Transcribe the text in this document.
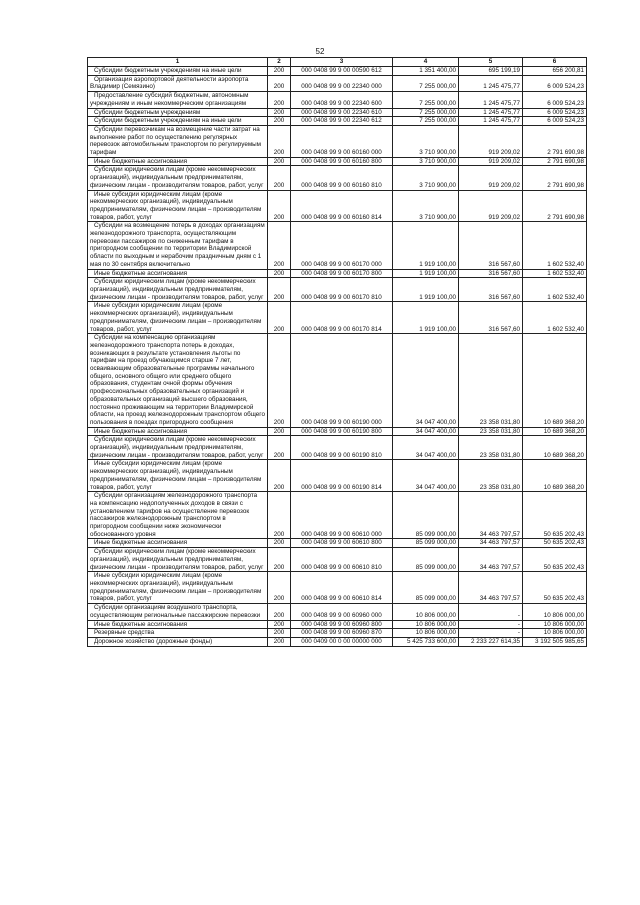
52
1	2	3	4	5	6

Субсидии бюджетным учреждениям на иные цели	200	000 0408 99 9 00 00590 612	1 351 400,00	695 199,19	656 200,81

Организация аэропортовой деятельности аэропорта Владимир (Семязино)	200	000 0408 99 9 00 22340 000	7 255 000,00	1 245 475,77	6 009 524,23

Предоставление субсидий бюджетным, автономным учреждениям и иным некоммерческим организациям	200	000 0408 99 9 00 22340 600	7 255 000,00	1 245 475,77	6 009 524,23

Субсидии бюджетным учреждениям	200	000 0408 99 9 00 22340 610	7 255 000,00	1 245 475,77	6 009 524,23

Субсидии бюджетным учреждениям на иные цели	200	000 0408 99 9 00 22340 612	7 255 000,00	1 245 475,77	6 009 524,23

Субсидии перевозчикам на возмещение части затрат на выполнение работ по осуществлению регулярных перевозок автомобильным транспортом по регулируемым тарифам	200	000 0408 99 9 00 60160 000	3 710 900,00	919 209,02	2 791 690,98

Иные бюджетные ассигнования	200	000 0408 99 9 00 60160 800	3 710 900,00	919 209,02	2 791 690,98

Субсидии юридическим лицам (кроме некоммерческих организаций), индивидуальным предпринимателям, физическим лицам - производителям товаров, работ, услуг	200	000 0408 99 9 00 60160 810	3 710 900,00	919 209,02	2 791 690,98

Иные субсидии юридическим лицам (кроме некоммерческих организаций), индивидуальным предпринимателям, физическим лицам – производителям товаров, работ, услуг	200	000 0408 99 9 00 60160 814	3 710 900,00	919 209,02	2 791 690,98

Субсидии на возмещение потерь в доходах организациям железнодорожного транспорта, осуществляющим перевозки пассажиров по сниженным тарифам в пригородном сообщении по территории Владимирской области по выходным и нерабочим праздничным дням с 1 мая по 30 сентября включительно	200	000 0408 99 9 00 60170 000	1 919 100,00	316 567,60	1 602 532,40

Иные бюджетные ассигнования	200	000 0408 99 9 00 60170 800	1 919 100,00	316 567,60	1 602 532,40

Субсидии юридическим лицам (кроме некоммерческих организаций), индивидуальным предпринимателям, физическим лицам - производителям товаров, работ, услуг	200	000 0408 99 9 00 60170 810	1 919 100,00	316 567,60	1 602 532,40

Иные субсидии юридическим лицам (кроме некоммерческих организаций), индивидуальным предпринимателям, физическим лицам – производителям товаров, работ, услуг	200	000 0408 99 9 00 60170 814	1 919 100,00	316 567,60	1 602 532,40

Субсидии на компенсацию организациям железнодорожного транспорта потерь в доходах, возникающих в результате установления льготы по тарифам на проезд обучающимся старше 7 лет, осваивающим образовательные программы начального общего, основного общего или среднего общего образования, студентам очной формы обучения профессиональных образовательных организаций и образовательных организаций высшего образования, постоянно проживающим на территории Владимирской области, на проезд железнодорожным транспортом общего пользования в поездах пригородного сообщения	200	000 0408 99 9 00 60190 000	34 047 400,00	23 358 031,80	10 689 368,20

Иные бюджетные ассигнования	200	000 0408 99 9 00 60190 800	34 047 400,00	23 358 031,80	10 689 368,20

Субсидии юридическим лицам (кроме некоммерческих организаций), индивидуальным предпринимателям, физическим лицам - производителям товаров, работ, услуг	200	000 0408 99 9 00 60190 810	34 047 400,00	23 358 031,80	10 689 368,20

Иные субсидии юридическим лицам (кроме некоммерческих организаций), индивидуальным предпринимателям, физическим лицам – производителям товаров, работ, услуг	200	000 0408 99 9 00 60190 814	34 047 400,00	23 358 031,80	10 689 368,20

Субсидии организациям железнодорожного транспорта на компенсацию недополученных доходов в связи с установлением тарифов на осуществление перевозок пассажиров железнодорожным транспортом в пригородном сообщении ниже экономически обоснованного уровня	200	000 0408 99 9 00 60610 000	85 099 000,00	34 463 797,57	50 635 202,43

Иные бюджетные ассигнования	200	000 0408 99 9 00 60610 800	85 099 000,00	34 463 797,57	50 635 202,43

Субсидии юридическим лицам (кроме некоммерческих организаций), индивидуальным предпринимателям, физическим лицам - производителям товаров, работ, услуг	200	000 0408 99 9 00 60610 810	85 099 000,00	34 463 797,57	50 635 202,43

Иные субсидии юридическим лицам (кроме некоммерческих организаций), индивидуальным предпринимателям, физическим лицам – производителям товаров, работ, услуг	200	000 0408 99 9 00 60610 814	85 099 000,00	34 463 797,57	50 635 202,43

Субсидии организациям воздушного транспорта, осуществляющим региональные пассажирские перевозки	200	000 0408 99 9 00 60960 000	10 806 000,00	-	10 806 000,00

Иные бюджетные ассигнования	200	000 0408 99 9 00 60960 800	10 806 000,00	-	10 806 000,00

Резервные средства	200	000 0408 99 9 00 60960 870	10 806 000,00	-	10 806 000,00

Дорожное хозяйство (дорожные фонды)	200	000 0409 00 0 00 00000 000	5 425 733 600,00	2 233 227 614,35	3 192 505 985,65
